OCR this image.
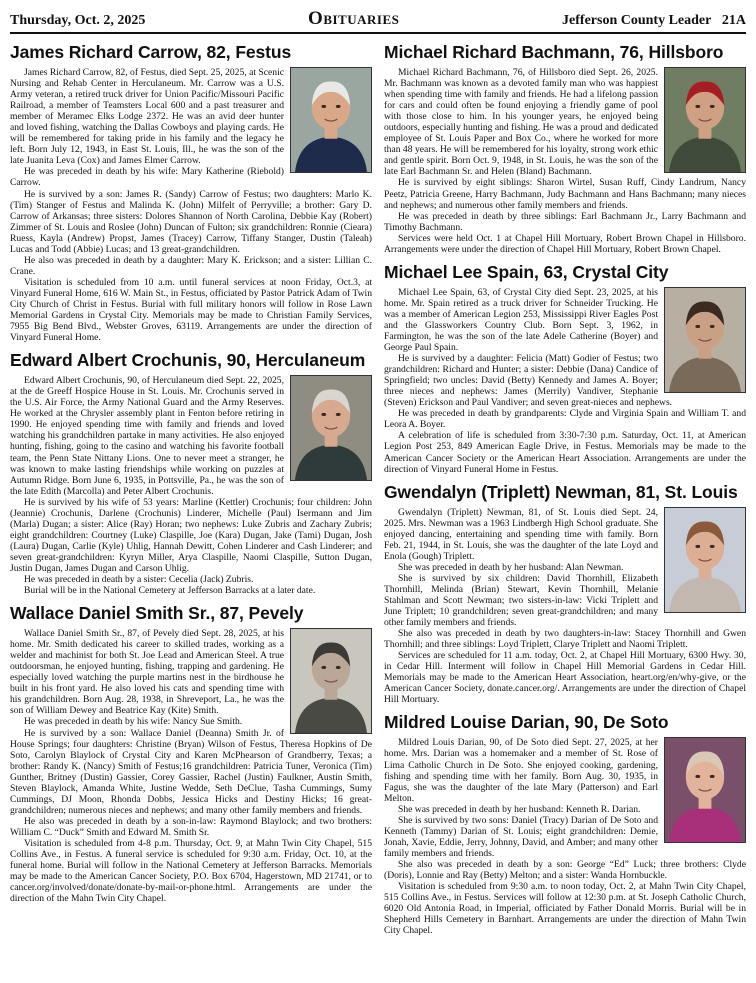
Thursday, Oct. 2, 2025	Obituaries	Jefferson County Leader 21A
James Richard Carrow, 82, Festus

James Richard Carrow, 82, of Festus, died Sept. 25, 2025, at Scenic Nursing and Rehab Center in Herculaneum. Mr. Carrow was a U.S. Army veteran, a retired truck driver for Union Pacific/Missouri Pacific Railroad, a member of Teamsters Local 600 and a past treasurer and member of Meramec Elks Lodge 2372. He was an avid deer hunter and loved fishing, watching the Dallas Cowboys and playing cards. He will be remembered for taking pride in his family and the legacy he left. Born July 12, 1943, in East St. Louis, Ill., he was the son of the late Juanita Leva (Cox) and James Elmer Carrow.

He was preceded in death by his wife: Mary Katherine (Riebold) Carrow.

He is survived by a son: James R. (Sandy) Carrow of Festus; two daughters: Marlo K. (Tim) Stanger of Festus and Malinda K. (John) Milfelt of Perryville; a brother: Gary D. Carrow of Arkansas; three sisters: Dolores Shannon of North Carolina, Debbie Kay (Robert) Zimmer of St. Louis and Roslee (John) Duncan of Fulton; six grandchildren: Ronnie (Cieara) Ruess, Kayla (Andrew) Propst, James (Tracey) Carrow, Tiffany Stanger, Dustin (Taleah) Lucas and Todd (Abbie) Lucas; and 13 great-grandchildren.

He also was preceded in death by a daughter: Mary K. Erickson; and a sister: Lillian C. Crane.

Visitation is scheduled from 10 a.m. until funeral services at noon Friday, Oct.3, at Vinyard Funeral Home, 616 W. Main St., in Festus, officiated by Pastor Patrick Adam of Twin City Church of Christ in Festus. Burial with full military honors will follow in Rose Lawn Memorial Gardens in Crystal City. Memorials may be made to Christian Family Services, 7955 Big Bend Blvd., Webster Groves, 63119. Arrangements are under the direction of Vinyard Funeral Home.

Edward Albert Crochunis, 90, Herculaneum

Edward Albert Crochunis, 90, of Herculaneum died Sept. 22, 2025, at the de Greeff Hospice House in St. Louis. Mr. Crochunis served in the U.S. Air Force, the Army National Guard and the Army Reserves. He worked at the Chrysler assembly plant in Fenton before retiring in 1990. He enjoyed spending time with family and friends and loved watching his grandchildren partake in many activities. He also enjoyed hunting, fishing, going to the casino and watching his favorite football team, the Penn State Nittany Lions. One to never meet a stranger, he was known to make lasting friendships while working on puzzles at Autumn Ridge. Born June 6, 1935, in Pottsville, Pa., he was the son of the late Edith (Marcolla) and Peter Albert Crochunis.

He is survived by his wife of 53 years: Marline (Kettler) Crochunis; four children: John (Jeannie) Crochunis, Darlene (Crochunis) Linderer, Michelle (Paul) Isermann and Jim (Marla) Dugan; a sister: Alice (Ray) Horan; two nephews: Luke Zubris and Zachary Zubris; eight grandchildren: Courtney (Luke) Claspille, Joe (Kara) Dugan, Jake (Tami) Dugan, Josh (Laura) Dugan, Carlie (Kyle) Uhlig, Hannah Dewitt, Cohen Linderer and Cash Linderer; and seven great-grandchildren: Kyryn Miller, Arya Claspille, Naomi Claspille, Sutton Dugan, Justin Dugan, James Dugan and Carson Uhlig.

He was preceded in death by a sister: Cecelia (Jack) Zubris.

Burial will be in the National Cemetery at Jefferson Barracks at a later date.

Wallace Daniel Smith Sr., 87, Pevely

Wallace Daniel Smith Sr., 87, of Pevely died Sept. 28, 2025, at his home. Mr. Smith dedicated his career to skilled trades, working as a welder and machinist for both St. Joe Lead and American Steel. A true outdoorsman, he enjoyed hunting, fishing, trapping and gardening. He especially loved watching the purple martins nest in the birdhouse he built in his front yard. He also loved his cats and spending time with his grandchildren. Born Aug. 28, 1938, in Shreveport, La., he was the son of William Dewey and Beatrice Kay (Kite) Smith.

He was preceded in death by his wife: Nancy Sue Smith.

He is survived by a son: Wallace Daniel (Deanna) Smith Jr. of House Springs; four daughters: Christine (Bryan) Wilson of Festus, Theresa Hopkins of De Soto, Carolyn Blaylock of Crystal City and Karen McPhearson of Grandberry, Texas; a brother: Randy K. (Nancy) Smith of Festus;16 grandchildren: Patricia Tuner, Veronica (Tim) Gunther, Britney (Dustin) Gassier, Corey Gassier, Rachel (Justin) Faulkner, Austin Smith, Steven Blaylock, Amanda White, Justine Wedde, Seth DeClue, Tasha Cummings, Sumy Cummings, DJ Moon, Rhonda Dobbs, Jessica Hicks and Destiny Hicks; 16 great-grandchildren; numerous nieces and nephews; and many other family members and friends.

He also was preceded in death by a son-in-law: Raymond Blaylock; and two brothers: William C. “Duck” Smith and Edward M. Smith Sr.

Visitation is scheduled from 4-8 p.m. Thursday, Oct. 9, at Mahn Twin City Chapel, 515 Collins Ave., in Festus. A funeral service is scheduled for 9:30 a.m. Friday, Oct. 10, at the funeral home. Burial will follow in the National Cemetery at Jefferson Barracks. Memorials may be made to the American Cancer Society, P.O. Box 6704, Hagerstown, MD 21741, or to cancer.org/involved/donate/donate-by-mail-or-phone.html. Arrangements are under the direction of the Mahn Twin City Chapel.

Michael Richard Bachmann, 76, Hillsboro

Michael Richard Bachmann, 76, of Hillsboro died Sept. 26, 2025. Mr. Bachmann was known as a devoted family man who was happiest when spending time with family and friends. He had a lifelong passion for cars and could often be found enjoying a friendly game of pool with those close to him. In his younger years, he enjoyed being outdoors, especially hunting and fishing. He was a proud and dedicated employee of St. Louis Paper and Box Co., where he worked for more than 48 years. He will be remembered for his loyalty, strong work ethic and gentle spirit. Born Oct. 9, 1948, in St. Louis, he was the son of the late Earl Bachmann Sr. and Helen (Bland) Bachmann.

He is survived by eight siblings: Sharon Wirtel, Susan Ruff, Cindy Landrum, Nancy Peetz, Patricia Greene, Harry Bachmann, Judy Bachmann and Hans Bachmann; many nieces and nephews; and numerous other family members and friends.

He was preceded in death by three siblings: Earl Bachmann Jr., Larry Bachmann and Timothy Bachmann.

Services were held Oct. 1 at Chapel Hill Mortuary, Robert Brown Chapel in Hillsboro. Arrangements were under the direction of Chapel Hill Mortuary, Robert Brown Chapel.

Michael Lee Spain, 63, Crystal City

Michael Lee Spain, 63, of Crystal City died Sept. 23, 2025, at his home. Mr. Spain retired as a truck driver for Schneider Trucking. He was a member of American Legion 253, Mississippi River Eagles Post and the Glassworkers Country Club. Born Sept. 3, 1962, in Farmington, he was the son of the late Adele Catherine (Boyer) and George Paul Spain.

He is survived by a daughter: Felicia (Matt) Godier of Festus; two grandchildren: Richard and Hunter; a sister: Debbie (Dana) Candice of Springfield; two uncles: David (Betty) Kennedy and James A. Boyer; three nieces and nephews: James (Merrily) Vandiver, Stephanie (Steven) Erickson and Paul Vandiver; and seven great-nieces and nephews.

He was preceded in death by grandparents: Clyde and Virginia Spain and William T. and Leora A. Boyer.

A celebration of life is scheduled from 3:30-7:30 p.m. Saturday, Oct. 11, at American Legion Post 253, 849 American Eagle Drive, in Festus. Memorials may be made to the American Cancer Society or the American Heart Association. Arrangements are under the direction of Vinyard Funeral Home in Festus.

Gwendalyn (Triplett) Newman, 81, St. Louis

Gwendalyn (Triplett) Newman, 81, of St. Louis died Sept. 24, 2025. Mrs. Newman was a 1963 Lindbergh High School graduate. She enjoyed dancing, entertaining and spending time with family. Born Feb. 21, 1944, in St. Louis, she was the daughter of the late Loyd and Enola (Gough) Triplett.

She was preceded in death by her husband: Alan Newman.

She is survived by six children: David Thornhill, Elizabeth Thornhill, Melinda (Brian) Stewart, Kevin Thornhill, Melanie Stahlman and Scott Newman; two sisters-in-law: Vicki Triplett and June Triplett; 10 grandchildren; seven great-grandchildren; and many other family members and friends.

She also was preceded in death by two daughters-in-law: Stacey Thornhill and Gwen Thornhill; and three siblings: Loyd Triplett, Clarye Triplett and Naomi Triplett.

Services are scheduled for 11 a.m. today, Oct. 2, at Chapel Hill Mortuary, 6300 Hwy. 30, in Cedar Hill. Interment will follow in Chapel Hill Memorial Gardens in Cedar Hill. Memorials may be made to the American Heart Association, heart.org/en/why-give, or the American Cancer Society, donate.cancer.org/. Arrangements are under the direction of Chapel Hill Mortuary.

Mildred Louise Darian, 90, De Soto

Mildred Louis Darian, 90, of De Soto died Sept. 27, 2025, at her home. Mrs. Darian was a homemaker and a member of St. Rose of Lima Catholic Church in De Soto. She enjoyed cooking, gardening, fishing and spending time with her family. Born Aug. 30, 1935, in Fagus, she was the daughter of the late Mary (Patterson) and Earl Melton.

She was preceded in death by her husband: Kenneth R. Darian.

She is survived by two sons: Daniel (Tracy) Darian of De Soto and Kenneth (Tammy) Darian of St. Louis; eight grandchildren: Demie, Jonah, Xavie, Eddie, Jerry, Johnny, David, and Amber; and many other family members and friends.

She also was preceded in death by a son: George “Ed” Luck; three brothers: Clyde (Doris), Lonnie and Ray (Betty) Melton; and a sister: Wanda Hornbuckle.

Visitation is scheduled from 9:30 a.m. to noon today, Oct. 2, at Mahn Twin City Chapel, 515 Collins Ave., in Festus. Services will follow at 12:30 p.m. at St. Joseph Catholic Church, 6020 Old Antonia Road, in Imperial, officiated by Father Donald Morris. Burial will be in Shepherd Hills Cemetery in Barnhart. Arrangements are under the direction of Mahn Twin City Chapel.
